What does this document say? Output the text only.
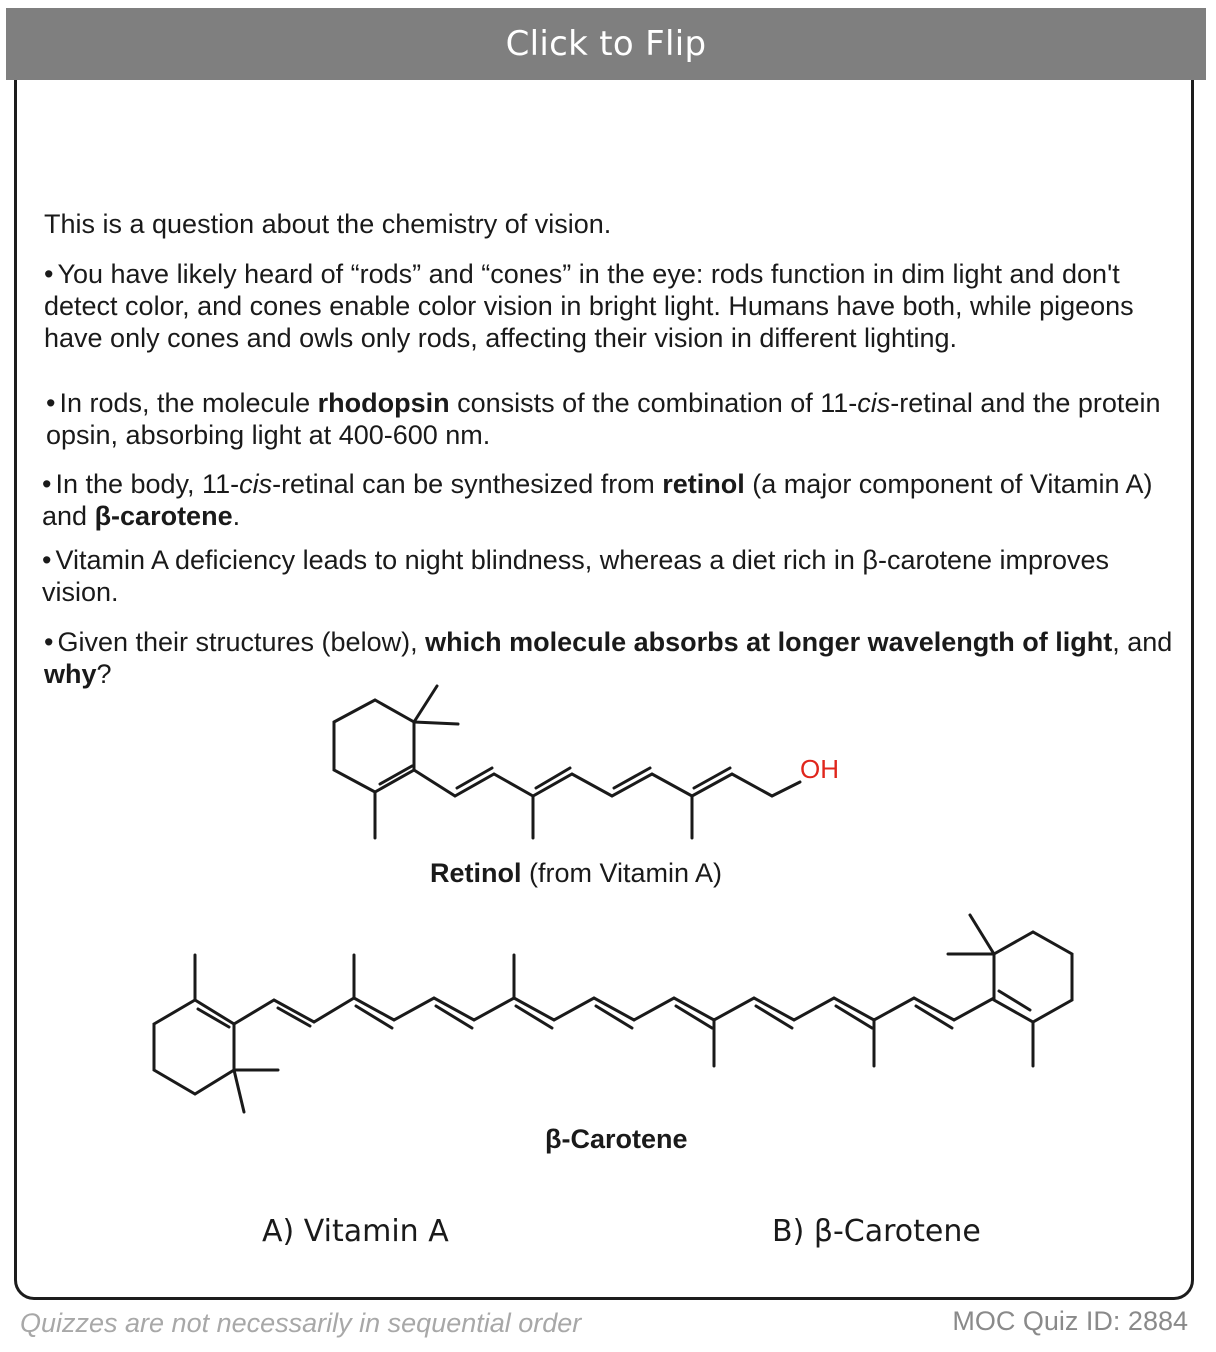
Click to Flip
This is a question about the chemistry of vision.
• You have likely heard of “rods” and “cones” in the eye: rods function in dim light and don't detect color, and cones enable color vision in bright light. Humans have both, while pigeons have only cones and owls only rods, affecting their vision in different lighting.
• In rods, the molecule rhodopsin consists of the combination of 11-cis-retinal and the protein opsin, absorbing light at 400-600 nm.
• In the body, 11-cis-retinal can be synthesized from retinol (a major component of Vitamin A) and β-carotene.
• Vitamin A deficiency leads to night blindness, whereas a diet rich in β-carotene improves vision.
• Given their structures (below), which molecule absorbs at longer wavelength of light, and why?
OH
Retinol (from Vitamin A)
β-Carotene
A) Vitamin A	B) β-Carotene
Quizzes are not necessarily in sequential order	MOC Quiz ID: 2884
